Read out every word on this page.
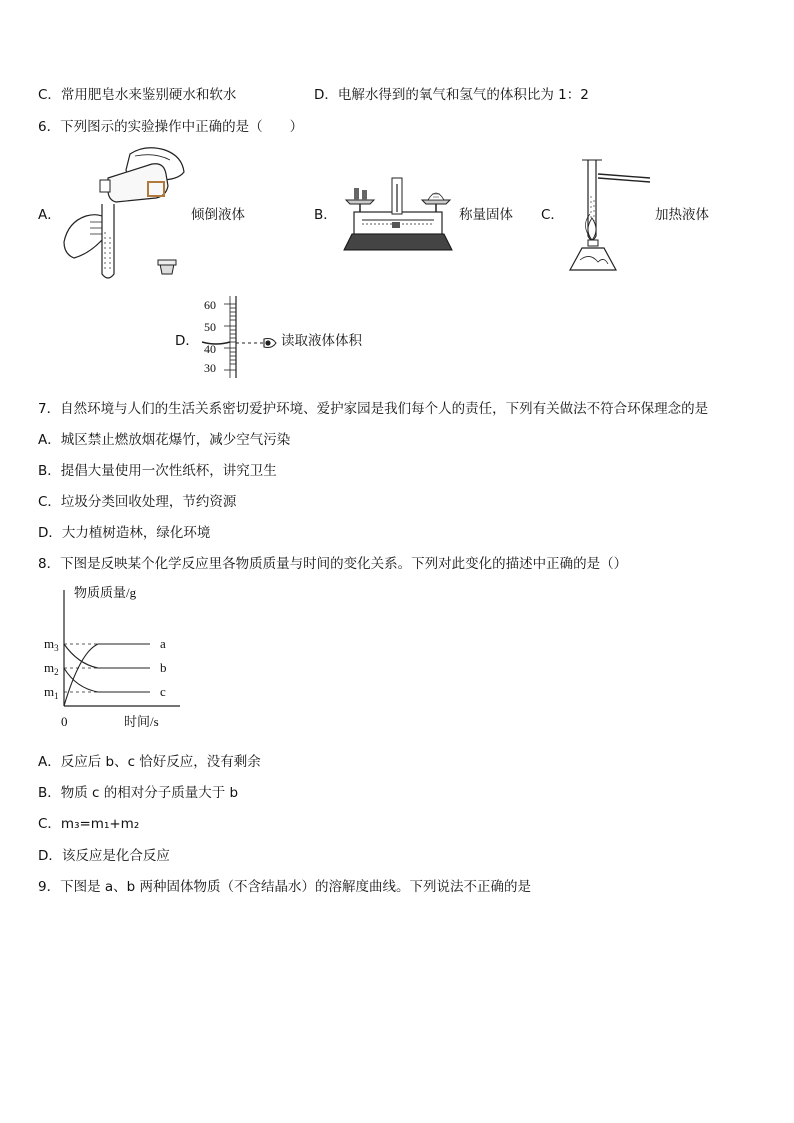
C．常用肥皂水来鉴别硬水和软水	D．电解水得到的氧气和氢气的体积比为 1：2
6．下列图示的实验操作中正确的是（　　）
A．	倾倒液体	B．	称量固体 C．	加热液体
D．
60
50
40
30
读取液体体积
7．自然环境与人们的生活关系密切爱护环境、爱护家园是我们每个人的责任，下列有关做法不符合环保理念的是
A．城区禁止燃放烟花爆竹，减少空气污染
B．提倡大量使用一次性纸杯，讲究卫生
C．垃圾分类回收处理，节约资源
D．大力植树造林，绿化环境
8．下图是反映某个化学反应里各物质质量与时间的变化关系。下列对此变化的描述中正确的是（）
物质质量/g
时间/s
0
$m_3$
$m_2$
$m_1$
a
b
c
A．反应后 b、c 恰好反应，没有剩余
B．物质 c 的相对分子质量大于 b
C．m₃=m₁+m₂
D．该反应是化合反应
9．下图是 a、b 两种固体物质（不含结晶水）的溶解度曲线。下列说法不正确的是
